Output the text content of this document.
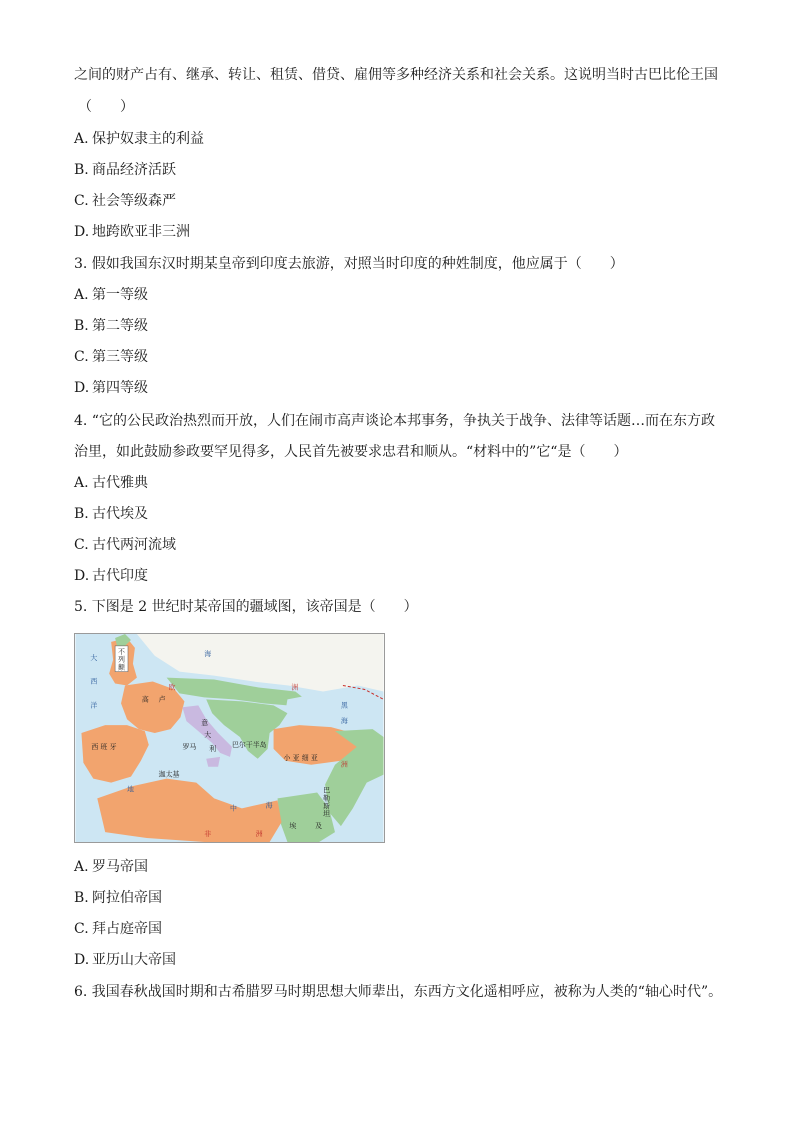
之间的财产占有、继承、转让、租赁、借贷、雇佣等多种经济关系和社会关系。这说明当时古巴比伦王国
（　　）
A. 保护奴隶主的利益
B. 商品经济活跃
C. 社会等级森严
D. 地跨欧亚非三洲
3. 假如我国东汉时期某皇帝到印度去旅游，对照当时印度的种姓制度，他应属于（　　）
A. 第一等级
B. 第二等级
C. 第三等级
D. 第四等级
4. “它的公民政治热烈而开放，人们在闹市高声谈论本邦事务，争执关于战争、法律等话题…而在东方政
治里，如此鼓励参政要罕见得多，人民首先被要求忠君和顺从。“材料中的”它“是（　　）
A. 古代雅典
B. 古代埃及
C. 古代两河流域
D. 古代印度
5. 下图是 2 世纪时某帝国的疆域图，该帝国是（　　）
大
西
洋
不
列
颠
海
欧
高 卢
洲
黑
海
意
大
利
罗马	巴尔干半岛
西 班 牙
小 亚 细 亚
洲
迦太基
地
中	海
巴
勒
斯
坦
埃	及
非	洲
A. 罗马帝国
B. 阿拉伯帝国
C. 拜占庭帝国
D. 亚历山大帝国
6. 我国春秋战国时期和古希腊罗马时期思想大师辈出，东西方文化遥相呼应，被称为人类的“轴心时代”。
